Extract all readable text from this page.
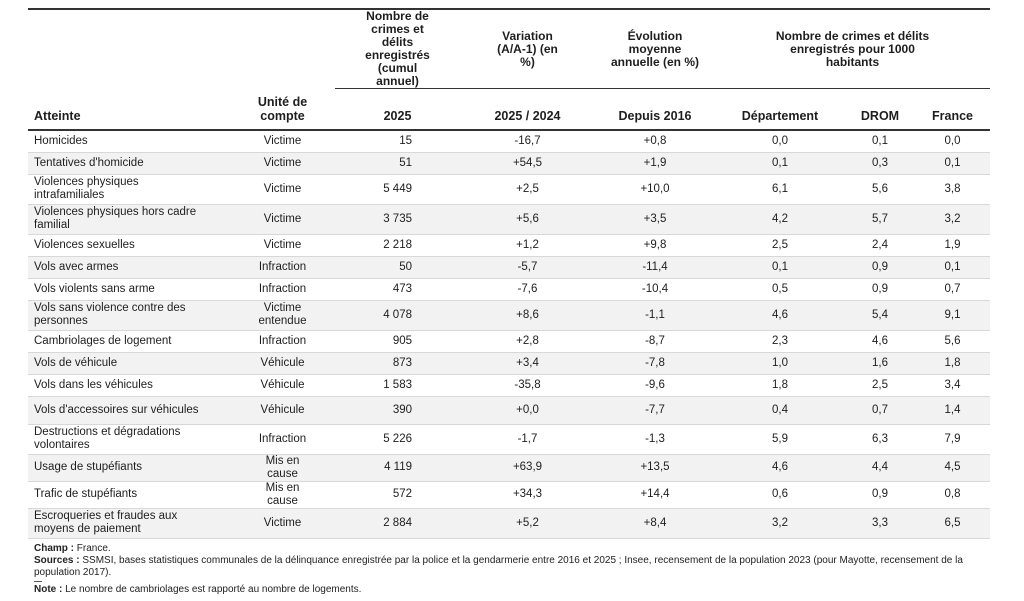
		Nombre de crimes et délits enregistrés (cumul annuel)	Variation (A/A-1) (en %)	Évolution moyenne annuelle (en %)	Nombre de crimes et délits enregistrés pour 1000 habitants		
Atteinte	Unité de compte	2025	2025 / 2024	Depuis 2016	Département	DROM	France
Homicides	Victime	15	-16,7	+0,8	0,0	0,1	0,0
Tentatives d'homicide	Victime	51	+54,5	+1,9	0,1	0,3	0,1
Violences physiques intrafamiliales	Victime	5 449	+2,5	+10,0	6,1	5,6	3,8
Violences physiques hors cadre familial	Victime	3 735	+5,6	+3,5	4,2	5,7	3,2
Violences sexuelles	Victime	2 218	+1,2	+9,8	2,5	2,4	1,9
Vols avec armes	Infraction	50	-5,7	-11,4	0,1	0,9	0,1
Vols violents sans arme	Infraction	473	-7,6	-10,4	0,5	0,9	0,7
Vols sans violence contre des personnes	Victime entendue	4 078	+8,6	-1,1	4,6	5,4	9,1
Cambriolages de logement	Infraction	905	+2,8	-8,7	2,3	4,6	5,6
Vols de véhicule	Véhicule	873	+3,4	-7,8	1,0	1,6	1,8
Vols dans les véhicules	Véhicule	1 583	-35,8	-9,6	1,8	2,5	3,4
Vols d'accessoires sur véhicules	Véhicule	390	+0,0	-7,7	0,4	0,7	1,4
Destructions et dégradations volontaires	Infraction	5 226	-1,7	-1,3	5,9	6,3	7,9
Usage de stupéfiants	Mis en cause	4 119	+63,9	+13,5	4,6	4,4	4,5
Trafic de stupéfiants	Mis en cause	572	+34,3	+14,4	0,6	0,9	0,8
Escroqueries et fraudes aux moyens de paiement	Victime	2 884	+5,2	+8,4	3,2	3,3	6,5
Champ : France.
Sources : SSMSI, bases statistiques communales de la délinquance enregistrée par la police et la gendarmerie entre 2016 et 2025 ; Insee, recensement de la population 2023 (pour Mayotte, recensement de la population 2017).
Note : Le nombre de cambriolages est rapporté au nombre de logements.
